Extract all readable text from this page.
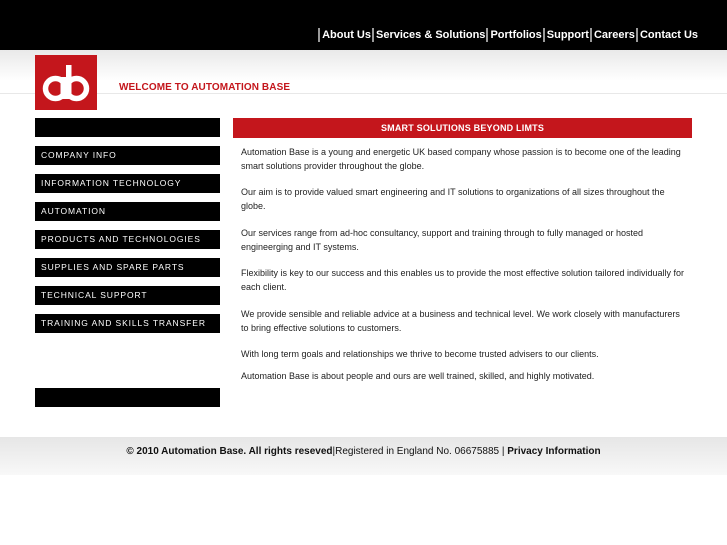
About Us Services & Solutions Portfolios Support Careers Contact Us
WELCOME TO AUTOMATION BASE
COMPANY INFO
INFORMATION TECHNOLOGY
AUTOMATION
PRODUCTS AND TECHNOLOGIES
SUPPLIES AND SPARE PARTS
TECHNICAL SUPPORT
TRAINING AND SKILLS TRANSFER
SMART SOLUTIONS BEYOND LIMTS

Automation Base is a young and energetic UK based company whose passion is to become one of the leading smart solutions provider throughout the globe.

Our aim is to provide valued smart engineering and IT solutions to organizations of all sizes throughout the globe.

Our services range from ad-hoc consultancy, support and training through to fully managed or hosted engineerging and IT systems.

Flexibility is key to our success and this enables us to provide the most effective solution tailored individually for each client.

We provide sensible and reliable advice at a business and technical level. We work closely with manufacturers to bring effective solutions to customers.

With long term goals and relationships we thrive to become trusted advisers to our clients.

Automation Base is about people and ours are well trained, skilled, and highly motivated.

© 2010 Automation Base. All rights reseved|Registered in England No. 06675885 | Privacy Information
